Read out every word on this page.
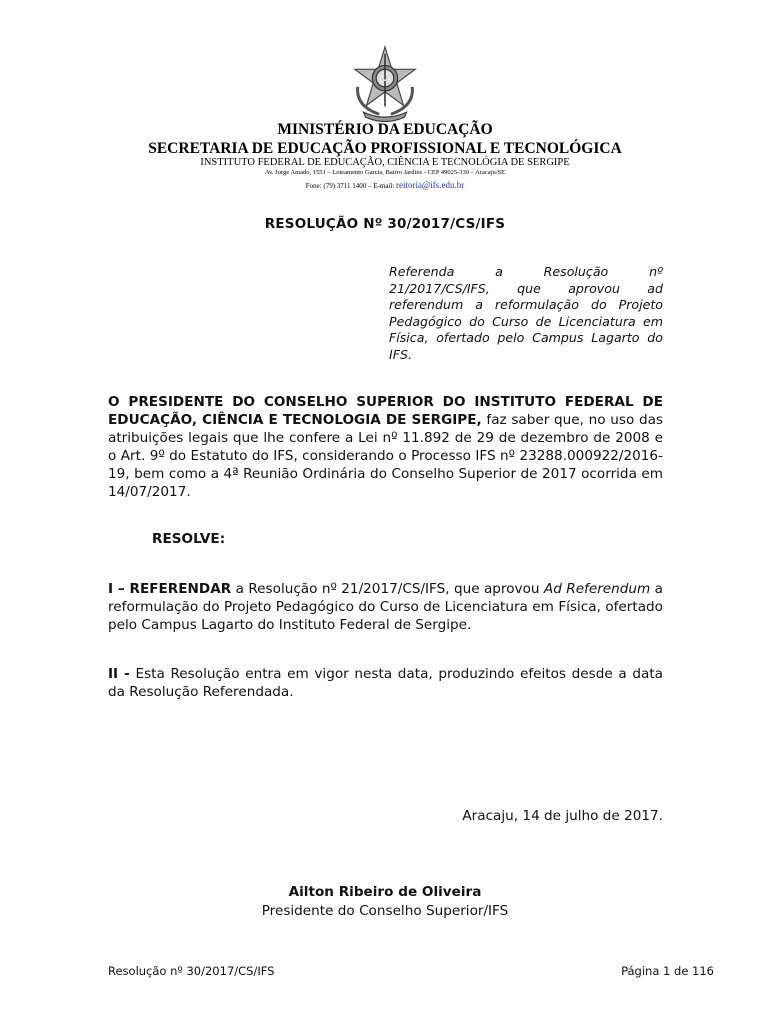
MINISTÉRIO DA EDUCAÇÃO
SECRETARIA DE EDUCAÇÃO PROFISSIONAL E TECNOLÓGICA
INSTITUTO FEDERAL DE EDUCAÇÃO, CIÊNCIA E TECNOLÓGIA DE SERGIPE
Av. Jorge Amado, 1551 – Loteamento Garcia, Bairro Jardins - CEP 49025-330 – Aracaju/SE
Fone: (79) 3711 1400 – E-mail: reitoria@ifs.edu.br
RESOLUÇÃO Nº 30/2017/CS/IFS
Referenda a Resolução nº
21/2017/CS/IFS, que aprovou ad referendum a reformulação do Projeto Pedagógico do Curso de Licenciatura em Física, ofertado pelo Campus Lagarto do IFS.
O PRESIDENTE DO CONSELHO SUPERIOR DO INSTITUTO FEDERAL DE EDUCAÇÃO, CIÊNCIA E TECNOLOGIA DE SERGIPE, faz saber que, no uso das atribuições legais que lhe confere a Lei nº 11.892 de 29 de dezembro de 2008 e o Art. 9º do Estatuto do IFS, considerando o Processo IFS nº 23288.000922/2016-19, bem como a 4ª Reunião Ordinária do Conselho Superior de 2017 ocorrida em 14/07/2017.
RESOLVE:
I – REFERENDAR a Resolução nº 21/2017/CS/IFS, que aprovou Ad Referendum a reformulação do Projeto Pedagógico do Curso de Licenciatura em Física, ofertado pelo Campus Lagarto do Instituto Federal de Sergipe.
II - Esta Resolução entra em vigor nesta data, produzindo efeitos desde a data da Resolução Referendada.
Aracaju, 14 de julho de 2017.
Ailton Ribeiro de Oliveira
Presidente do Conselho Superior/IFS
Resolução nº 30/2017/CS/IFS	Página 1 de 116
